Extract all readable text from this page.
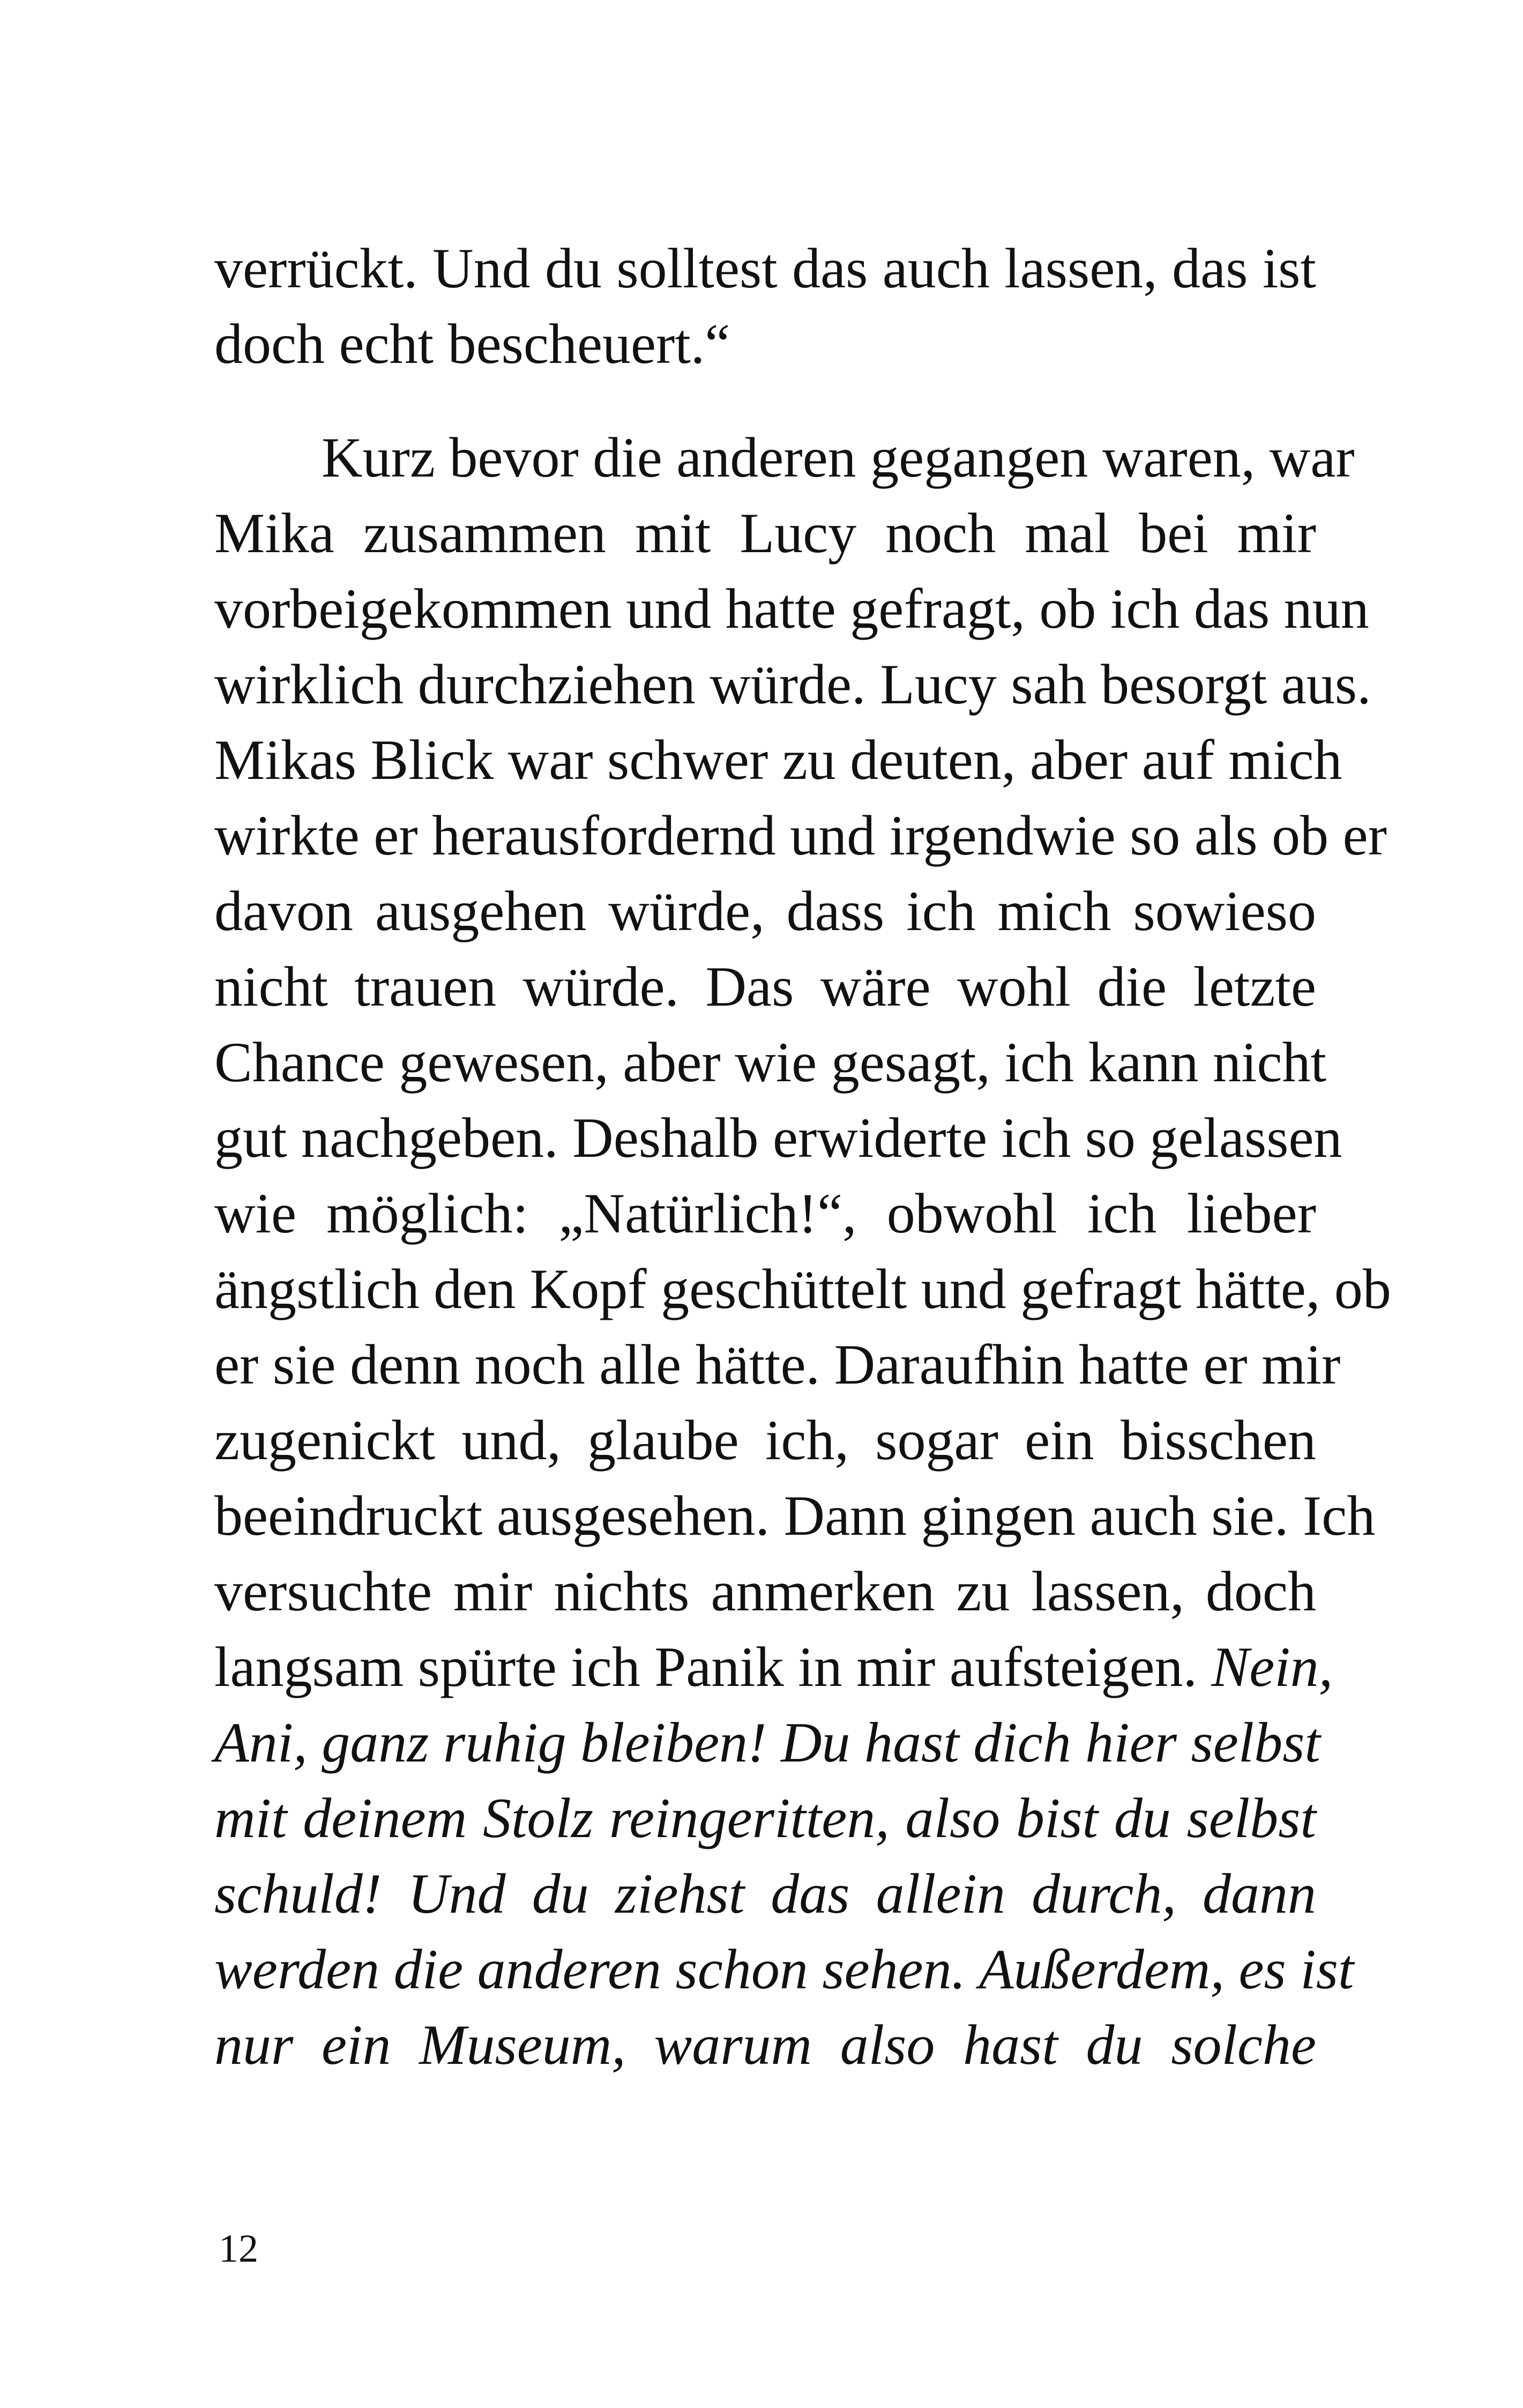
verrückt. Und du solltest das auch lassen, das ist
doch echt bescheuert.“
Kurz bevor die anderen gegangen waren, war
Mika zusammen mit Lucy noch mal bei mir
vorbeigekommen und hatte gefragt, ob ich das nun
wirklich durchziehen würde. Lucy sah besorgt aus.
Mikas Blick war schwer zu deuten, aber auf mich
wirkte er herausfordernd und irgendwie so als ob er
davon ausgehen würde, dass ich mich sowieso
nicht trauen würde. Das wäre wohl die letzte
Chance gewesen, aber wie gesagt, ich kann nicht
gut nachgeben. Deshalb erwiderte ich so gelassen
wie möglich: „Natürlich!“, obwohl ich lieber
ängstlich den Kopf geschüttelt und gefragt hätte, ob
er sie denn noch alle hätte. Daraufhin hatte er mir
zugenickt und, glaube ich, sogar ein bisschen
beeindruckt ausgesehen. Dann gingen auch sie. Ich
versuchte mir nichts anmerken zu lassen, doch
langsam spürte ich Panik in mir aufsteigen. Nein,
Ani, ganz ruhig bleiben! Du hast dich hier selbst
mit deinem Stolz reingeritten, also bist du selbst
schuld! Und du ziehst das allein durch, dann
werden die anderen schon sehen. Außerdem, es ist
nur ein Museum, warum also hast du solche
12
